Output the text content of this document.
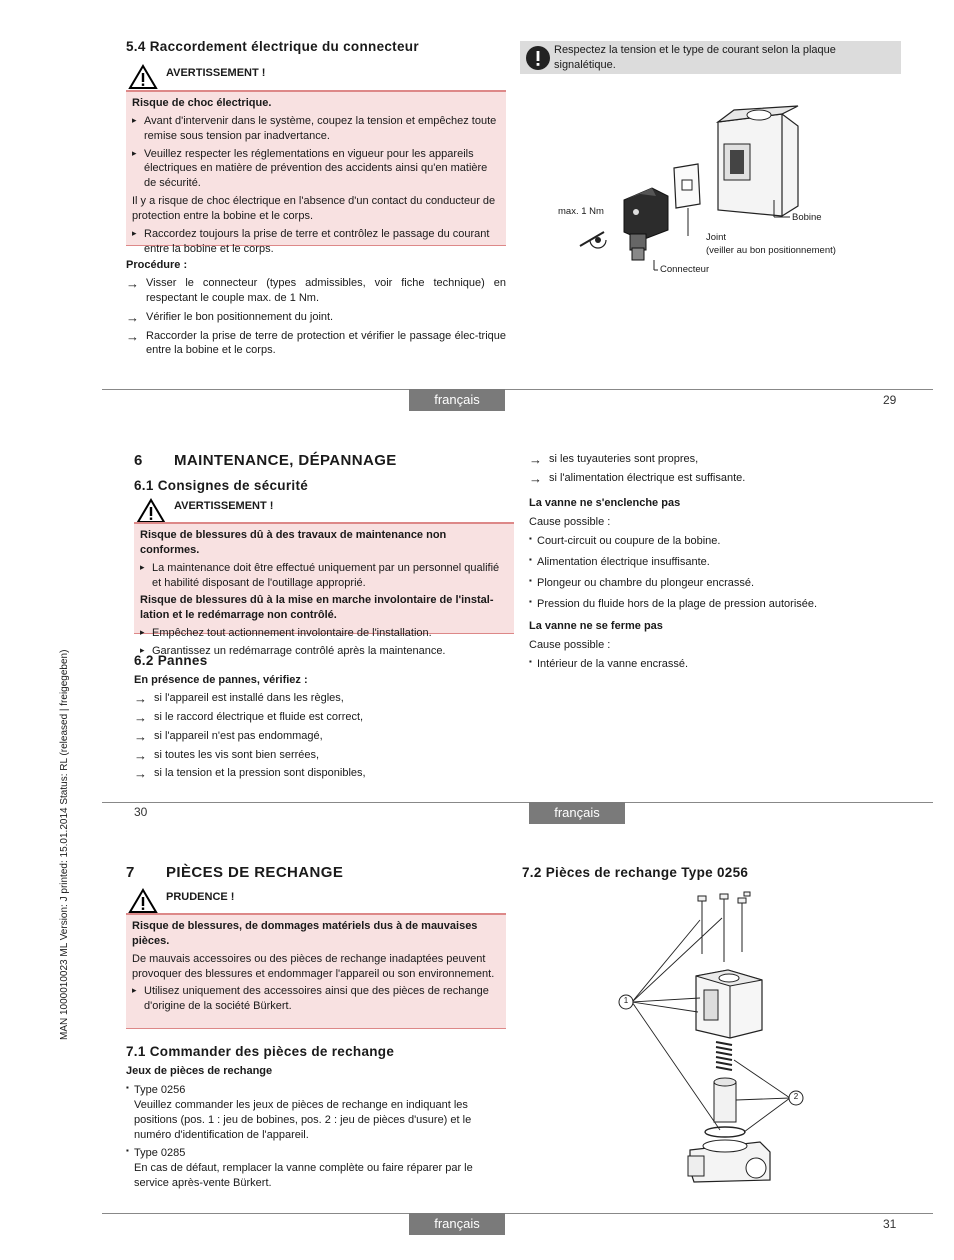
MAN 1000010023 ML Version: J printed: 15.01.2014 Status: RL (released | freigegeben)
5.4 Raccordement électrique du connecteur
AVERTISSEMENT !

Risque de choc électrique.

▸ Avant d'intervenir dans le système, coupez la tension et empêchez toute remise sous tension par inadvertance.

▸ Veuillez respecter les réglementations en vigueur pour les appareils électriques en matière de prévention des accidents ainsi qu'en matière de sécurité.

Il y a risque de choc électrique en l'absence d'un contact du conducteur de protection entre la bobine et le corps.

▸ Raccordez toujours la prise de terre et contrôlez le passage du courant entre la bobine et le corps.

Procédure :

→ Visser le connecteur (types admissibles, voir fiche technique) en respectant le couple max. de 1 Nm.

→ Vérifier le bon positionnement du joint.

→ Raccorder la prise de terre de protection et vérifier le passage élec-trique entre la bobine et le corps.

Respectez la tension et le type de courant selon la plaque signalétique.
max. 1 Nm
Bobine
Joint
(veiller au bon positionnement)
Connecteur
français	29
6 MAINTENANCE, DÉPANNAGE
6.1 Consignes de sécurité
AVERTISSEMENT !

Risque de blessures dû à des travaux de maintenance non conformes.

▸ La maintenance doit être effectué uniquement par un personnel qualifié et habilité disposant de l'outillage approprié.

Risque de blessures dû à la mise en marche involontaire de l'instal-lation et le redémarrage non contrôlé.

▸ Empêchez tout actionnement involontaire de l'installation.

▸ Garantissez un redémarrage contrôlé après la maintenance.

6.2 Pannes
En présence de pannes, vérifiez :

→ si l'appareil est installé dans les règles,

→ si le raccord électrique et fluide est correct,

→ si l'appareil n'est pas endommagé,

→ si toutes les vis sont bien serrées,

→ si la tension et la pression sont disponibles,

→ si les tuyauteries sont propres,

→ si l'alimentation électrique est suffisante.

La vanne ne s'enclenche pas
Cause possible :

▪ Court-circuit ou coupure de la bobine.

▪ Alimentation électrique insuffisante.

▪ Plongeur ou chambre du plongeur encrassé.

▪ Pression du fluide hors de la plage de pression autorisée.

La vanne ne se ferme pas
Cause possible :

▪ Intérieur de la vanne encrassé.

30	français
7 PIÈCES DE RECHANGE
PRUDENCE !

Risque de blessures, de dommages matériels dus à de mauvaises pièces.

De mauvais accessoires ou des pièces de rechange inadaptées peuvent provoquer des blessures et endommager l'appareil ou son environnement.

▸ Utilisez uniquement des accessoires ainsi que des pièces de rechange d'origine de la société Bürkert.

7.1 Commander des pièces de rechange
Jeux de pièces de rechange

▪ Type 0256

Veuillez commander les jeux de pièces de rechange en indiquant les positions (pos. 1 : jeu de bobines, pos. 2 : jeu de pièces d'usure) et le numéro d'identification de l'appareil.

▪ Type 0285

En cas de défaut, remplacer la vanne complète ou faire réparer par le service après-vente Bürkert.

7.2 Pièces de rechange Type 0256
1
2
français	31
